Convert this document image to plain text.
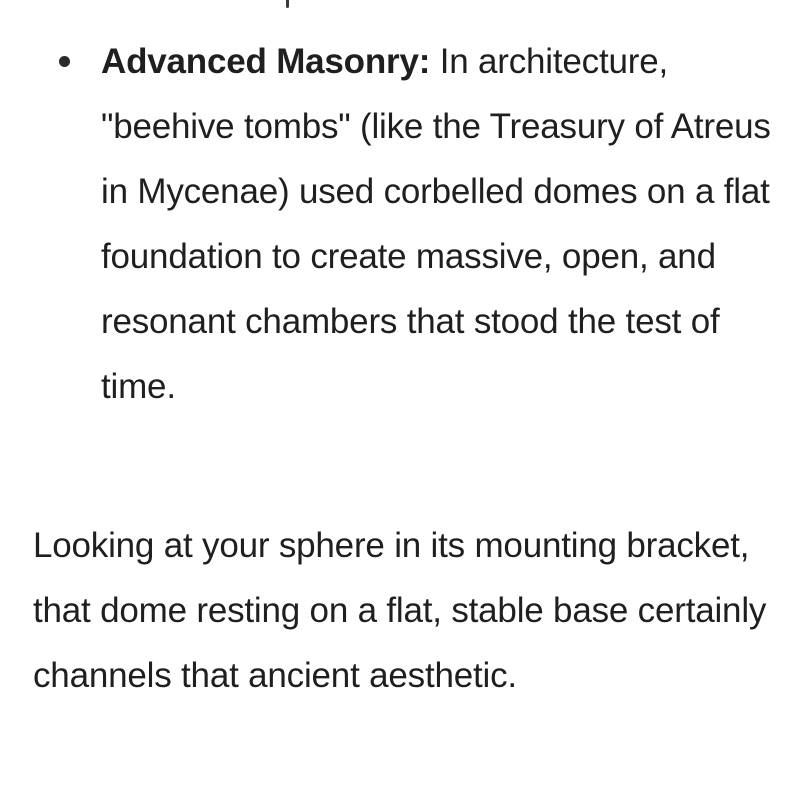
Advanced Masonry: In architecture, "beehive tombs" (like the Treasury of Atreus in Mycenae) used corbelled domes on a flat foundation to create massive, open, and resonant chambers that stood the test of time.

Looking at your sphere in its mounting bracket, that dome resting on a flat, stable base certainly channels that ancient aesthetic.
